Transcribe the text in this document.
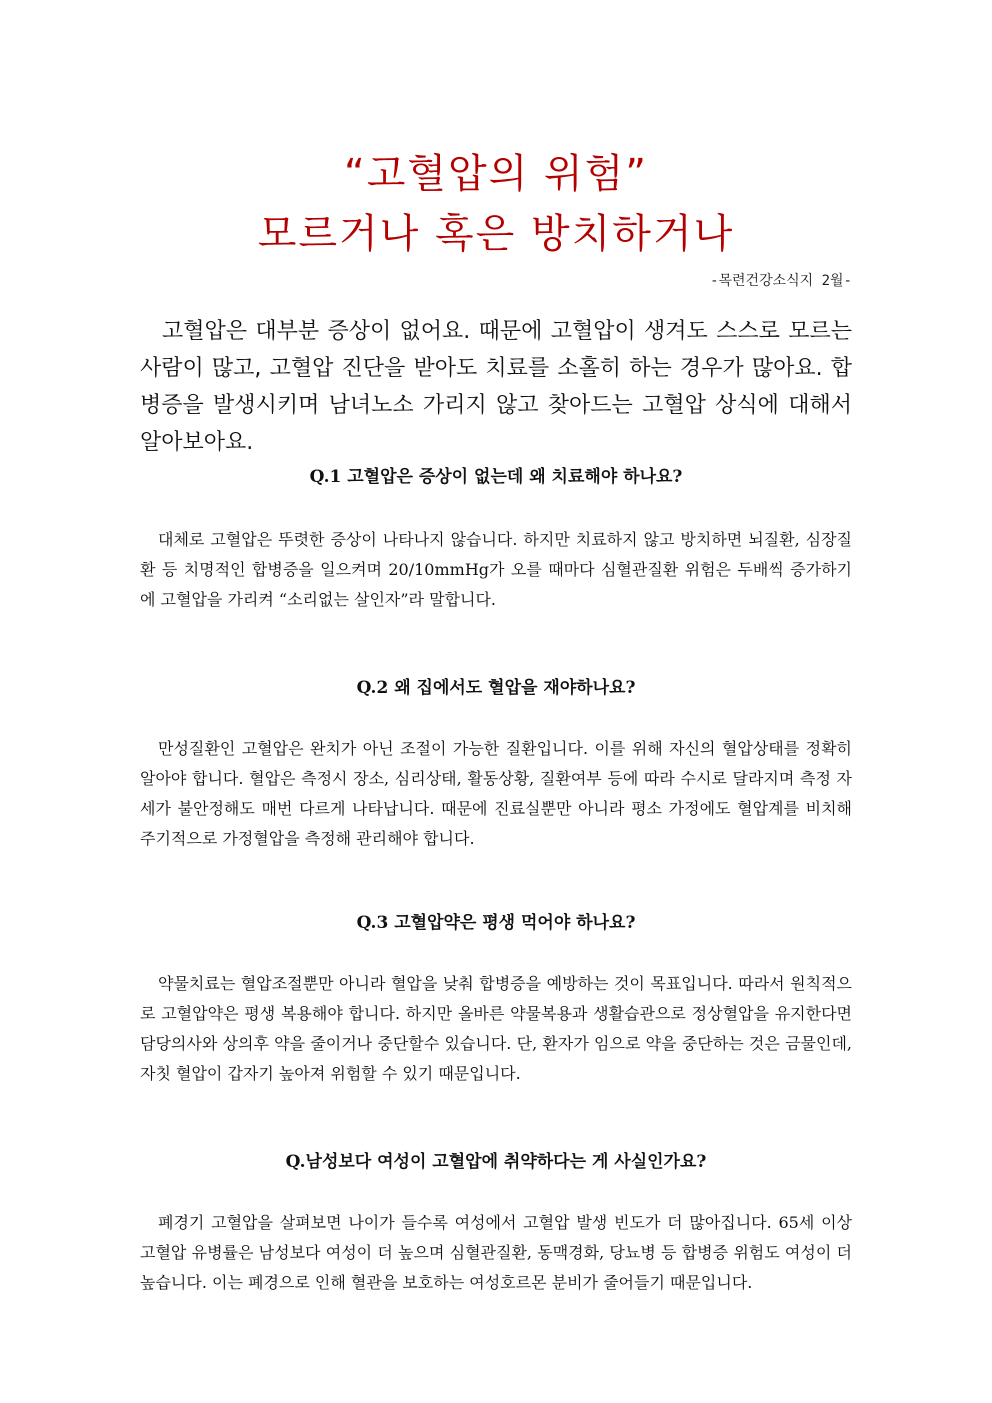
“고혈압의 위험”
모르거나 혹은 방치하거나
-목련건강소식지 2월-

고혈압은 대부분 증상이 없어요. 때문에 고혈압이 생겨도 스스로 모르는 사람이 많고, 고혈압 진단을 받아도 치료를 소홀히 하는 경우가 많아요. 합병증을 발생시키며 남녀노소 가리지 않고 찾아드는 고혈압 상식에 대해서 알아보아요.

Q.1 고혈압은 증상이 없는데 왜 치료해야 하나요?

대체로 고혈압은 뚜렷한 증상이 나타나지 않습니다. 하지만 치료하지 않고 방치하면 뇌질환, 심장질환 등 치명적인 합병증을 일으켜며 20/10mmHg가 오를 때마다 심혈관질환 위험은 두배씩 증가하기에 고혈압을 가리켜 “소리없는 살인자”라 말합니다.

Q.2 왜 집에서도 혈압을 재야하나요?

만성질환인 고혈압은 완치가 아닌 조절이 가능한 질환입니다. 이를 위해 자신의 혈압상태를 정확히 알아야 합니다. 혈압은 측정시 장소, 심리상태, 활동상황, 질환여부 등에 따라 수시로 달라지며 측정 자세가 불안정해도 매번 다르게 나타납니다. 때문에 진료실뿐만 아니라 평소 가정에도 혈압계를 비치해 주기적으로 가정혈압을 측정해 관리해야 합니다.

Q.3 고혈압약은 평생 먹어야 하나요?

약물치료는 혈압조절뿐만 아니라 혈압을 낮춰 합병증을 예방하는 것이 목표입니다. 따라서 원칙적으로 고혈압약은 평생 복용해야 합니다. 하지만 올바른 약물복용과 생활습관으로 정상혈압을 유지한다면 담당의사와 상의후 약을 줄이거나 중단할수 있습니다. 단, 환자가 임으로 약을 중단하는 것은 금물인데, 자칫 혈압이 갑자기 높아져 위험할 수 있기 때문입니다.

Q.남성보다 여성이 고혈압에 취약하다는 게 사실인가요?

폐경기 고혈압을 살펴보면 나이가 들수록 여성에서 고혈압 발생 빈도가 더 많아집니다. 65세 이상 고혈압 유병률은 남성보다 여성이 더 높으며 심혈관질환, 동맥경화, 당뇨병 등 합병증 위험도 여성이 더높습니다. 이는 폐경으로 인해 혈관을 보호하는 여성호르몬 분비가 줄어들기 때문입니다.
